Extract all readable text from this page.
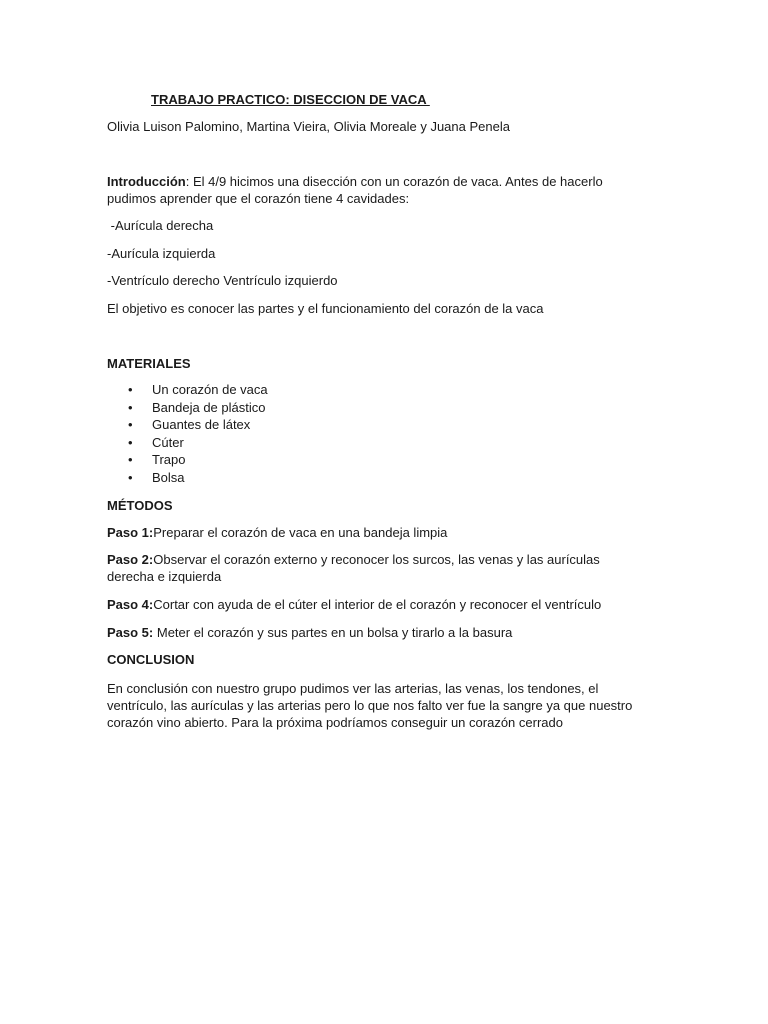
TRABAJO PRACTICO: DISECCION DE VACA

Olivia Luison Palomino, Martina Vieira, Olivia Moreale y Juana Penela

Introducción: El 4/9 hicimos una disección con un corazón de vaca. Antes de hacerlo pudimos aprender que el corazón tiene 4 cavidades:

-Aurícula derecha

-Aurícula izquierda

-Ventrículo derecho Ventrículo izquierdo

El objetivo es conocer las partes y el funcionamiento del corazón de la vaca

MATERIALES

• Un corazón de vaca
• Bandeja de plástico
• Guantes de látex
• Cúter
• Trapo
• Bolsa

MÉTODOS

Paso 1:Preparar el corazón de vaca en una bandeja limpia

Paso 2:Observar el corazón externo y reconocer los surcos, las venas y las aurículas derecha e izquierda

Paso 4:Cortar con ayuda de el cúter el interior de el corazón y reconocer el ventrículo

Paso 5: Meter el corazón y sus partes en un bolsa y tirarlo a la basura

CONCLUSION

En conclusión con nuestro grupo pudimos ver las arterias, las venas, los tendones, el ventrículo, las aurículas y las arterias pero lo que nos falto ver fue la sangre ya que nuestro corazón vino abierto. Para la próxima podríamos conseguir un corazón cerrado
